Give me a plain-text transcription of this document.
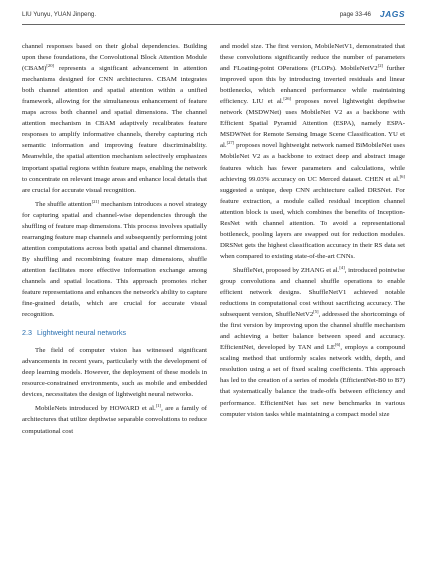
LIU Yunyu, YUAN Jinpeng.	page 33-46 JAGS

channel responses based on their global dependencies. Building upon these foundations, the Convolutional Block Attention Module (CBAM)[20] represents a significant advancement in attention mechanisms designed for CNN architectures. CBAM integrates both channel attention and spatial attention within a unified framework, allowing for the simultaneous enhancement of feature maps across both channel and spatial dimensions. The channel attention mechanism in CBAM adaptively recalibrates feature responses to amplify informative channels, thereby capturing rich semantic information and improving feature discriminability. Meanwhile, the spatial attention mechanism selectively emphasizes important spatial regions within feature maps, enabling the network to concentrate on relevant image areas and enhance local details that are crucial for accurate visual recognition.

The shuffle attention[21] mechanism introduces a novel strategy for capturing spatial and channel-wise dependencies through the shuffling of feature map dimensions. This process involves spatially rearranging feature map channels and subsequently performing joint attention computations across both spatial and channel dimensions. By shuffling and recombining feature map dimensions, shuffle attention facilitates more effective information exchange among channels and spatial locations. This approach promotes richer feature representations and enhances the network's ability to capture fine-grained details, which are crucial for accurate visual recognition.

2.3 Lightweight neural networks

The field of computer vision has witnessed significant advancements in recent years, particularly with the development of deep learning models. However, the deployment of these models in resource-constrained environments, such as mobile and embedded devices, necessitates the design of lightweight neural networks.

MobileNets introduced by HOWARD et al.[1], are a family of architectures that utilize depthwise separable convolutions to reduce computational cost

and model size. The first version, MobileNetV1, demonstrated that these convolutions significantly reduce the number of parameters and FLoating-point OPerations (FLOPs). MobileNetV2[2] further improved upon this by introducing inverted residuals and linear bottlenecks, which enhanced performance while maintaining efficiency. LIU et al.[26] proposes novel lightweight depthwise network (MSDWNet) uses MobileNet V2 as a backbone with Efficient Spatial Pyramid Attention (ESPA), namely ESPA-MSDWNet for Remote Sensing Image Scene Classification. YU et al.[27] proposes novel lightweight network named BiMobileNet uses MobileNet V2 as a backbone to extract deep and abstract image features which has fewer parameters and calculations, while achieving 99.03% accuracy on UC Merced dataset. CHEN et al.[6] suggested a unique, deep CNN architecture called DRSNet. For feature extraction, a module called residual inception channel attention block is used, which combines the benefits of Inception-ResNet with channel attention. To avoid a representational bottleneck, pooling layers are swapped out for reduction modules. DRSNet gets the highest classification accuracy in their RS data set when compared to existing state-of-the-art CNNs.

ShuffleNet, proposed by ZHANG et al.[4], introduced pointwise group convolutions and channel shuffle operations to enable efficient network designs. ShuffleNetV1 achieved notable reductions in computational cost without sacrificing accuracy. The subsequent version, ShuffleNetV2[5], addressed the shortcomings of the first version by improving upon the channel shuffle mechanism and achieving a better balance between speed and accuracy. EfficientNet, developed by TAN and LE[6], employs a compound scaling method that uniformly scales network width, depth, and resolution using a set of fixed scaling coefficients. This approach has led to the creation of a series of models (EfficientNet-B0 to B7) that systematically balance the trade-offs between efficiency and performance. EfficientNet has set new benchmarks in various computer vision tasks while maintaining a compact model size
